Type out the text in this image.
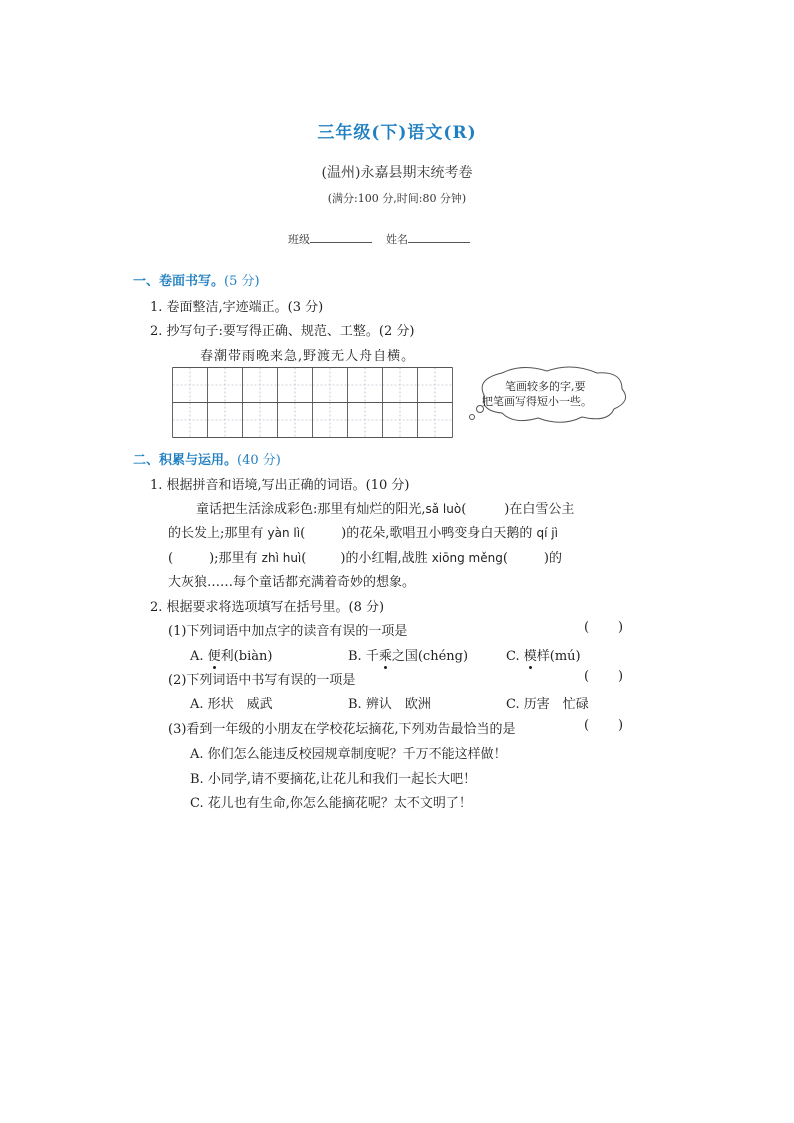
三年级(下)语文(R)
(温州)永嘉县期末统考卷
(满分:100 分,时间:80 分钟)
班级	姓名
一、卷面书写。(5 分)
1. 卷面整洁,字迹端正。(3 分)
2. 抄写句子:要写得正确、规范、工整。(2 分)
春潮带雨晚来急,野渡无人舟自横。
笔画较多的字,要
把笔画写得短小一些。
二、积累与运用。(40 分)
1. 根据拼音和语境,写出正确的词语。(10 分)
童话把生活涂成彩色:那里有灿烂的阳光,sǎ luò(	)在白雪公主
的长发上;那里有 yàn lì(	)的花朵,歌唱丑小鸭变身白天鹅的 qí jì
(	);那里有 zhì huì(	)的小红帽,战胜 xiōng měng(	)的
大灰狼……每个童话都充满着奇妙的想象。
2. 根据要求将选项填写在括号里。(8 分)
(1)下列词语中加点字的读音有误的一项是	(       )
A. 便利(biàn)	B. 千乘之国(chéng)	C. 模样(mú)
(2)下列词语中书写有误的一项是	(       )
A. 形状　威武	B. 辨认　欧洲	C. 历害　忙碌
(3)看到一年级的小朋友在学校花坛摘花,下列劝告最恰当的是	(       )
A. 你们怎么能违反校园规章制度呢？千万不能这样做！
B. 小同学,请不要摘花,让花儿和我们一起长大吧！
C. 花儿也有生命,你怎么能摘花呢？太不文明了！
